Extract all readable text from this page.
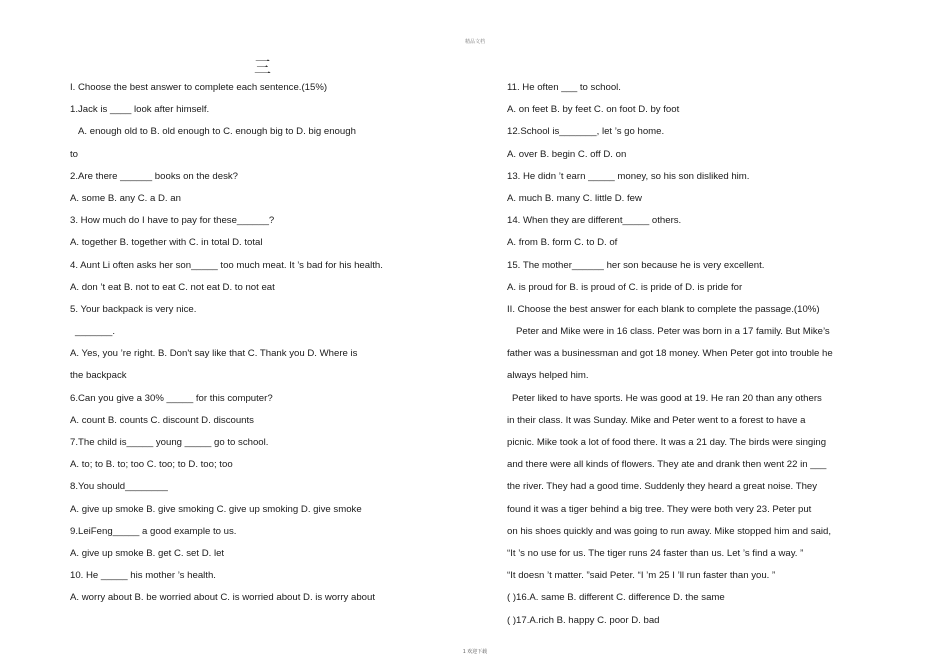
精品文档
三
I. Choose the best answer to complete each sentence.(15%)
1.Jack is ____ look after himself.
A. enough old to B. old enough to C. enough big to D. big enough
to
2.Are there ______ books on the desk?
A. some B. any C. a D. an
3. How much do I have to pay for these______?
A. together B. together with C. in total D. total
4. Aunt Li often asks her son_____ too much meat. It ’s bad for his health.
A. don ’t eat B. not to eat C. not eat D. to not eat
5. Your backpack is very nice.
_______.
A. Yes, you ’re right. B. Don't say like that C. Thank you D. Where is
the backpack
6.Can you give a 30% _____ for this computer?
A. count B. counts C. discount D. discounts
7.The child is_____ young _____ go to school.
A. to; to B. to; too C. too; to D. too; too
8.You should________
A. give up smoke B. give smoking C. give up smoking D. give smoke
9.LeiFeng_____ a good example to us.
A. give up smoke B. get C. set D. let
10. He _____ his mother ’s health.
A. worry about B. be worried about C. is worried about D. is worry about
11. He often ___ to school.
A. on feet B. by feet C. on foot D. by foot
12.School is_______, let ’s go home.
A. over B. begin C. off D. on
13. He didn ’t earn _____ money, so his son disliked him.
A. much B. many C. little D. few
14. When they are different_____ others.
A. from B. form C. to D. of
15. The mother______ her son because he is very excellent.
A. is proud for B. is proud of C. is pride of D. is pride for
II. Choose the best answer for each blank to complete the passage.(10%)
Peter and Mike were in 16 class. Peter was born in a 17 family. But Mike’s
father was a businessman and got 18 money. When Peter got into trouble he
always helped him.
Peter liked to have sports. He was good at 19. He ran 20 than any others
in their class. It was Sunday. Mike and Peter went to a forest to have a
picnic. Mike took a lot of food there. It was a 21 day. The birds were singing
and there were all kinds of flowers. They ate and drank then went 22 in ___
the river. They had a good time. Suddenly they heard a great noise. They
found it was a tiger behind a big tree. They were both very 23. Peter put
on his shoes quickly and was going to run away. Mike stopped him and said,
“It ’s no use for us. The tiger runs 24 faster than us. Let ’s find a way. ”
“It doesn ’t matter. ”said Peter. “I ’m 25 I ’ll run faster than you. ”
( )16.A. same B. different C. difference D. the same
( )17.A.rich B. happy C. poor D. bad
1 欢迎下载
